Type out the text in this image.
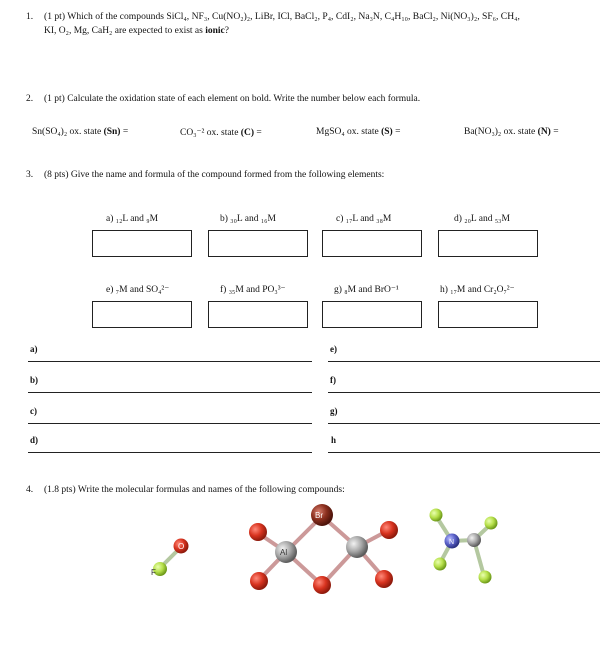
1. (1 pt) Which of the compounds SiCl₄, NF₃, Cu(NO₂)₂, LiBr, ICl, BaCl₂, P₄, CdI₂, Na₃N, C₄H₁₀, BaCl₂, Ni(NO₃)₂, SF₆, CH₄,
KI, O₂, Mg, CaH₂ are expected to exist as ionic?
2. (1 pt) Calculate the oxidation state of each element on bold. Write the number below each formula.
Sn(SO₄)₂ ox. state (Sn) =	CO₃⁻² ox. state (C) =	MgSO₄ ox. state (S) =	Ba(NO₃)₂ ox. state (N) =
3. (8 pts) Give the name and formula of the compound formed from the following elements:
a) ₁₂L and ₉M	b) ₃₀L and ₁₆M	c) ₁₇L and ₃₈M	d) ₂₀L and ₅₃M
e) ₇M and SO₄²⁻	f) ₃₅M and PO₃³⁻	g) ₈M and BrO⁻¹	h) ₁₇M and Cr₂O₇²⁻
a)	e)
b)	f)
c)	g)
d)	h
4. (1.8 pts) Write the molecular formulas and names of the following compounds:
O
F
Br
Al
N
